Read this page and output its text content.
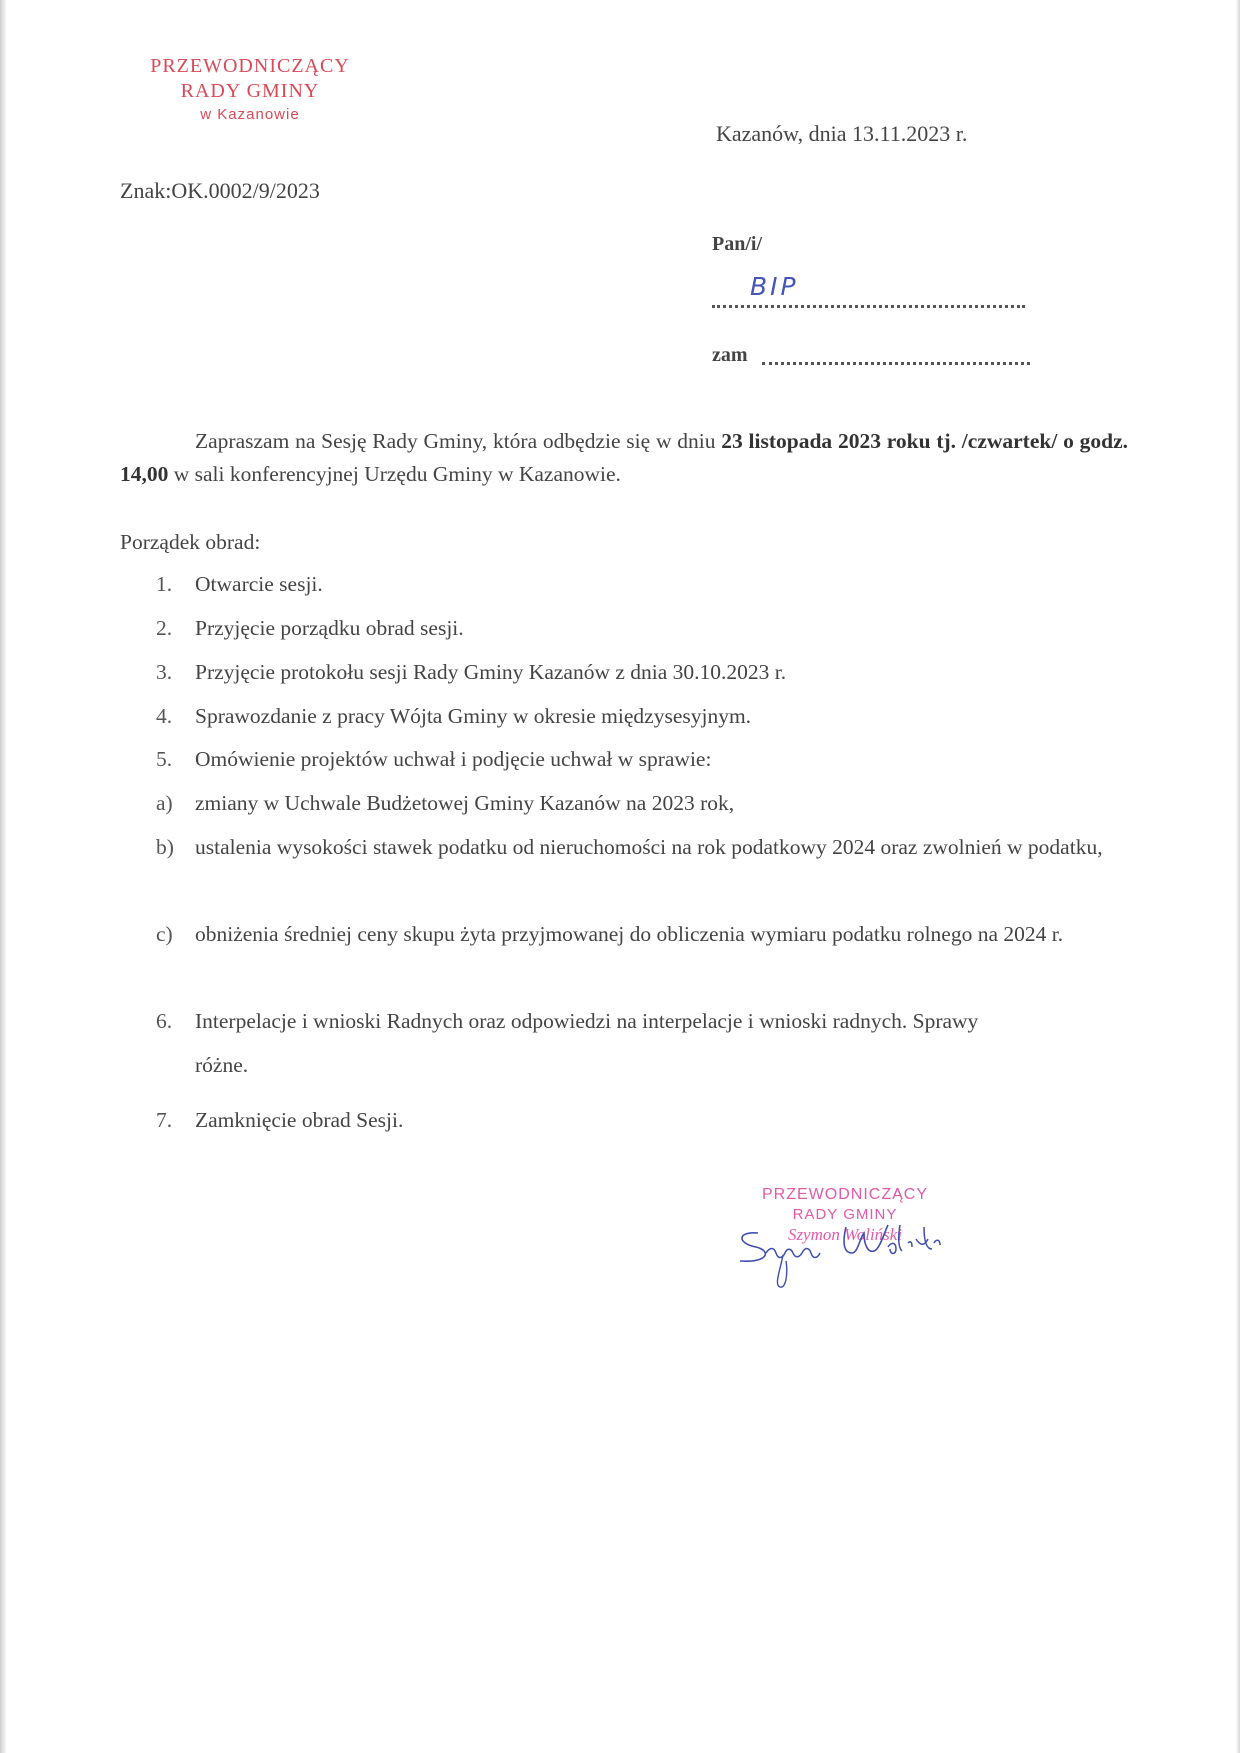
PRZEWODNICZĄCY
RADY GMINY
w Kazanowie
Kazanów, dnia 13.11.2023 r.
Znak:OK.0002/9/2023
Pan/i/
BIP
zam
Zapraszam na Sesję Rady Gminy, która odbędzie się w dniu 23 listopada 2023 roku tj. /czwartek/ o godz. 14,00 w sali konferencyjnej Urzędu Gminy w Kazanowie.
Porządek obrad:
1.	Otwarcie sesji.
2.	Przyjęcie porządku obrad sesji.
3.	Przyjęcie protokołu sesji Rady Gminy Kazanów z dnia 30.10.2023 r.
4.	Sprawozdanie z pracy Wójta Gminy w okresie międzysesyjnym.
5.	Omówienie projektów uchwał i podjęcie uchwał w sprawie:
a)	zmiany w Uchwale Budżetowej Gminy Kazanów na 2023 rok,
b) ustalenia wysokości stawek podatku od nieruchomości na rok podatkowy 2024 oraz zwolnień w podatku,
c)	obniżenia średniej ceny skupu żyta przyjmowanej do obliczenia wymiaru podatku rolnego na 2024 r.
6.	Interpelacje i wnioski Radnych oraz odpowiedzi na interpelacje i wnioski radnych. Sprawy różne.
7.	Zamknięcie obrad Sesji.
PRZEWODNICZĄCY
RADY GMINY
Szymon Woliński
